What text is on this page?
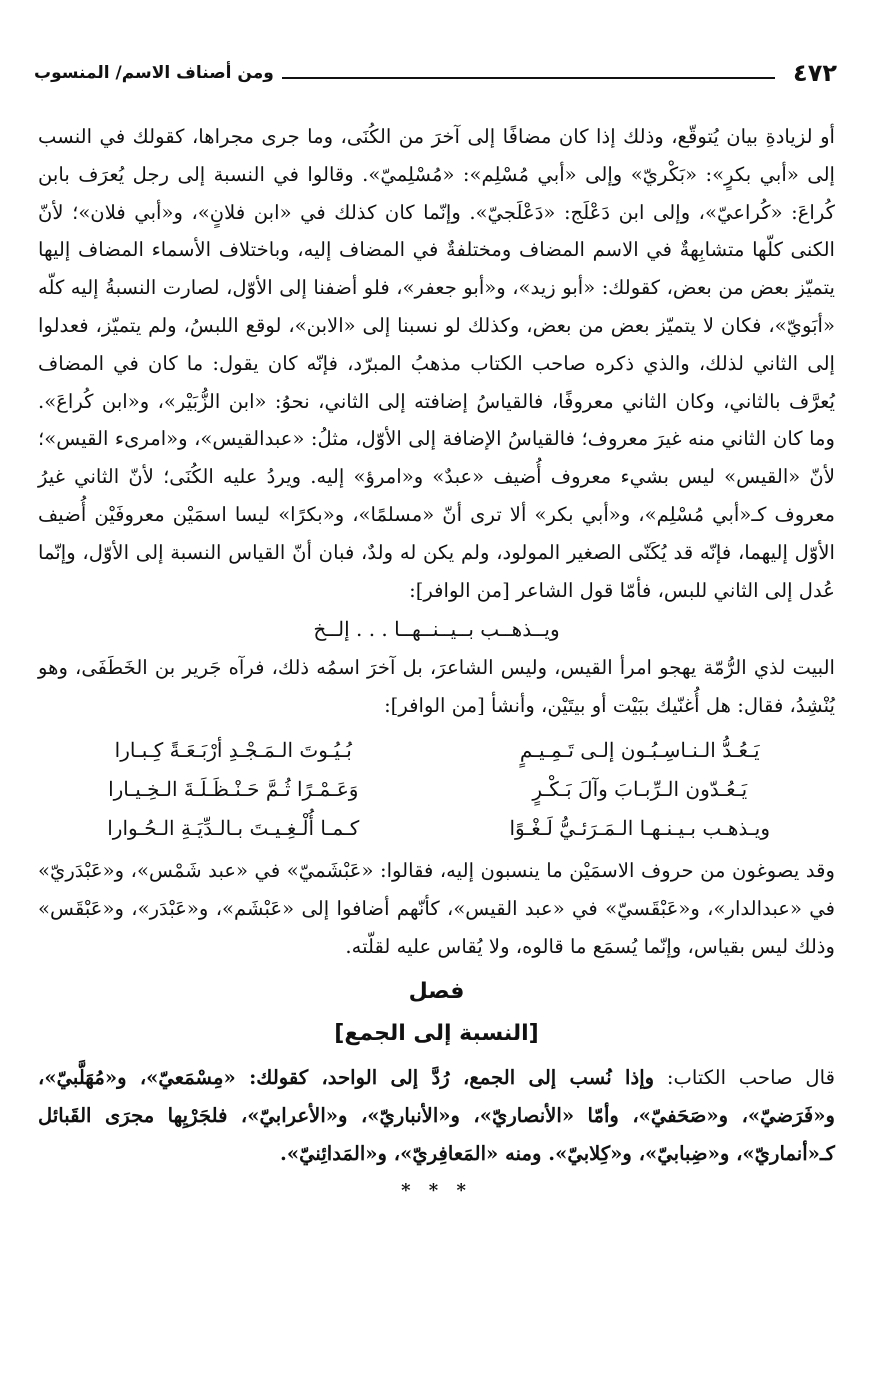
٤٧٢
ومن أصناف الاسم/ المنسوب

أو لزيادةِ بيان يُتوقّع، وذلك إذا كان مضافًا إلى آخرَ من الكُنَى، وما جرى مجراها، كقولك في النسب إلى «أبي بكرٍ»: «بَكْريّ» وإلى «أبي مُسْلِم»: «مُسْلِميّ». وقالوا في النسبة إلى رجل يُعرَف بابن كُراعَ: «كُراعيّ»، وإلى ابن دَعْلَج: «دَعْلَجيّ». وإنّما كان كذلك في «ابن فلانٍ»، و«أبي فلان»؛ لأنّ الكنى كلّها متشابِهةٌ في الاسم المضاف ومختلفةٌ في المضاف إليه، وباختلاف الأسماء المضاف إليها يتميّز بعض من بعض، كقولك: «أبو زيد»، و«أبو جعفر»، فلو أضفنا إلى الأوّل، لصارت النسبةُ إليه كلّه «أبَويّ»، فكان لا يتميّز بعض من بعض، وكذلك لو نسبنا إلى «الابن»، لوقع اللبسُ، ولم يتميّز، فعدلوا إلى الثاني لذلك، والذي ذكره صاحب الكتاب مذهبُ المبرّد، فإنّه كان يقول: ما كان في المضاف يُعرَّف بالثاني، وكان الثاني معروفًا، فالقياسُ إضافته إلى الثاني، نحوُ: «ابن الزُّبَيْر»، و«ابن كُراعَ». وما كان الثاني منه غيرَ معروف؛ فالقياسُ الإضافة إلى الأوّل، مثلُ: «عبدالقيس»، و«امرىء القيس»؛ لأنّ «القيس» ليس بشيء معروف أُضيف «عبدٌ» و«امرؤ» إليه. ويردُ عليه الكُنَى؛ لأنّ الثاني غيرُ معروف كـ«أبي مُسْلِم»، و«أبي بكر» ألا ترى أنّ «مسلمًا»، و«بكرًا» ليسا اسمَيْن معروفَيْن أُضيف الأوّل إليهما، فإنّه قد يُكَنّى الصغير المولود، ولم يكن له ولدٌ، فبان أنّ القياس النسبة إلى الأوّل، وإنّما عُدل إلى الثاني للبس، فأمّا قول الشاعر [من الوافر]:

ويــذهــب بــيــنــهــا . . . إلــخ

البيت لذي الرُّمّة يهجو امرأ القيس، وليس الشاعرَ، بل آخرَ اسمُه ذلك، فرآه جَرير بن الخَطَفَى، وهو يُنْشِدُ، فقال: هل أُغنّيك ببَيْت أو بيتَيْن، وأنشأ [من الوافر]:

يَـعُـدُّ الـنـاسِـبُـون إلـى تَـمِـيـمٍ
بُـيُـوتَ الـمَـجْـدِ أرْبَـعَـةً كِـبـارا
يَـعُـدّون الـرِّبـابَ وآلَ بَـكْـرٍ
وَعَـمْـرًا ثُـمَّ حَـنْـظَـلَـةَ الـخِـيـارا
ويـذهـب بـيـنـهـا الـمَـرَئـيُّ لَـغْـوًا
كـمـا أُلْـغِـيـتَ بـالـدِّيَـةِ الـحُـوارا

وقد يصوغون من حروف الاسمَيْن ما ينسبون إليه، فقالوا: «عَبْشَميّ» في «عبد شَمْس»، و«عَبْدَريّ» في «عبدالدار»، و«عَبْقَسيّ» في «عبد القيس»، كأنّهم أضافوا إلى «عَبْشَم»، و«عَبْدَر»، و«عَبْقَس» وذلك ليس بقياس، وإنّما يُسمَع ما قالوه، ولا يُقاس عليه لقلّته.

فصل
[النسبة إلى الجمع]

قال صاحب الكتاب: وإذا نُسب إلى الجمع، رُدَّ إلى الواحد، كقولك: «مِسْمَعيّ»، و«مُهَلَّبيّ»، و«فَرَضيّ»، و«صَحَفيّ»، وأمّا «الأنصاريّ»، و«الأنباريّ»، و«الأعرابيّ»، فلجَرْيِها مجرَى القَبائل كـ«أنماريّ»، و«ضِبابيّ»، و«كِلابيّ». ومنه «المَعافِريّ»، و«المَدائِنيّ».

* * *
